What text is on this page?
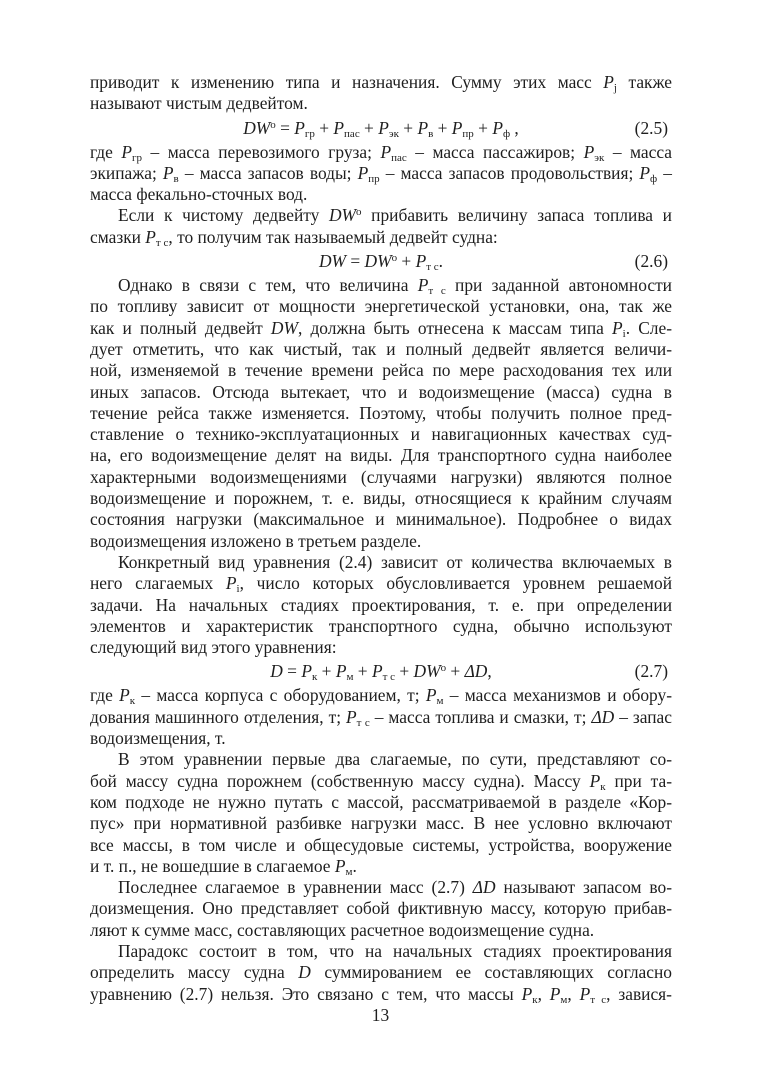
приводит к изменению типа и назначения. Сумму этих масс $P_j$ также
называют чистым дедвейтом.
$DW^о = P_{гр} + P_{пас} + P_{эк} + P_в + P_{пр} + P_ф$ ,	(2.5)
где $P_{гр}$ – масса перевозимого груза; $P_{пас}$ – масса пассажиров; $P_{эк}$ – масса
экипажа; $P_в$ – масса запасов воды; $P_{пр}$ – масса запасов продовольствия; $P_ф$ –
масса фекально-сточных вод.
Если к чистому дедвейту $DW^о$ прибавить величину запаса топлива и
смазки $P_{т с}$, то получим так называемый дедвейт судна:
DW = $DW^о + P_{т с}$.	(2.6)
Однако в связи с тем, что величина $P_{т с}$ при заданной автономности
по топливу зависит от мощности энергетической установки, она, так же
как и полный дедвейт DW, должна быть отнесена к массам типа $P_i$. Сле-
дует отметить, что как чистый, так и полный дедвейт является величи-
ной, изменяемой в течение времени рейса по мере расходования тех или
иных запасов. Отсюда вытекает, что и водоизмещение (масса) судна в
течение рейса также изменяется. Поэтому, чтобы получить полное пред-
ставление о технико-эксплуатационных и навигационных качествах суд-
на, его водоизмещение делят на виды. Для транспортного судна наиболее
характерными водоизмещениями (случаями нагрузки) являются полное
водоизмещение и порожнем, т. е. виды, относящиеся к крайним случаям
состояния нагрузки (максимальное и минимальное). Подробнее о видах
водоизмещения изложено в третьем разделе.
Конкретный вид уравнения (2.4) зависит от количества включаемых в
него слагаемых $P_i$, число которых обусловливается уровнем решаемой
задачи. На начальных стадиях проектирования, т. е. при определении
элементов и характеристик транспортного судна, обычно используют
следующий вид этого уравнения:
$D = P_к + P_м + P_{т с} + DW^о + \Delta D$,	(2.7)
где $P_к$ – масса корпуса с оборудованием, т; $P_м$ – масса механизмов и обору-
дования машинного отделения, т; $P_{т с}$ – масса топлива и смазки, т; ΔD – запас
водоизмещения, т.
В этом уравнении первые два слагаемые, по сути, представляют со-
бой массу судна порожнем (собственную массу судна). Массу $P_к$ при та-
ком подходе не нужно путать с массой, рассматриваемой в разделе «Кор-
пус» при нормативной разбивке нагрузки масс. В нее условно включают
все массы, в том числе и общесудовые системы, устройства, вооружение
и т. п., не вошедшие в слагаемое $P_м$.
Последнее слагаемое в уравнении масс (2.7) ΔD называют запасом во-
доизмещения. Оно представляет собой фиктивную массу, которую прибав-
ляют к сумме масс, составляющих расчетное водоизмещение судна.
Парадокс состоит в том, что на начальных стадиях проектирования
определить массу судна D суммированием ее составляющих согласно
уравнению (2.7) нельзя. Это связано с тем, что массы $P_к$, $P_м$, $P_{т с}$, завися-
13
